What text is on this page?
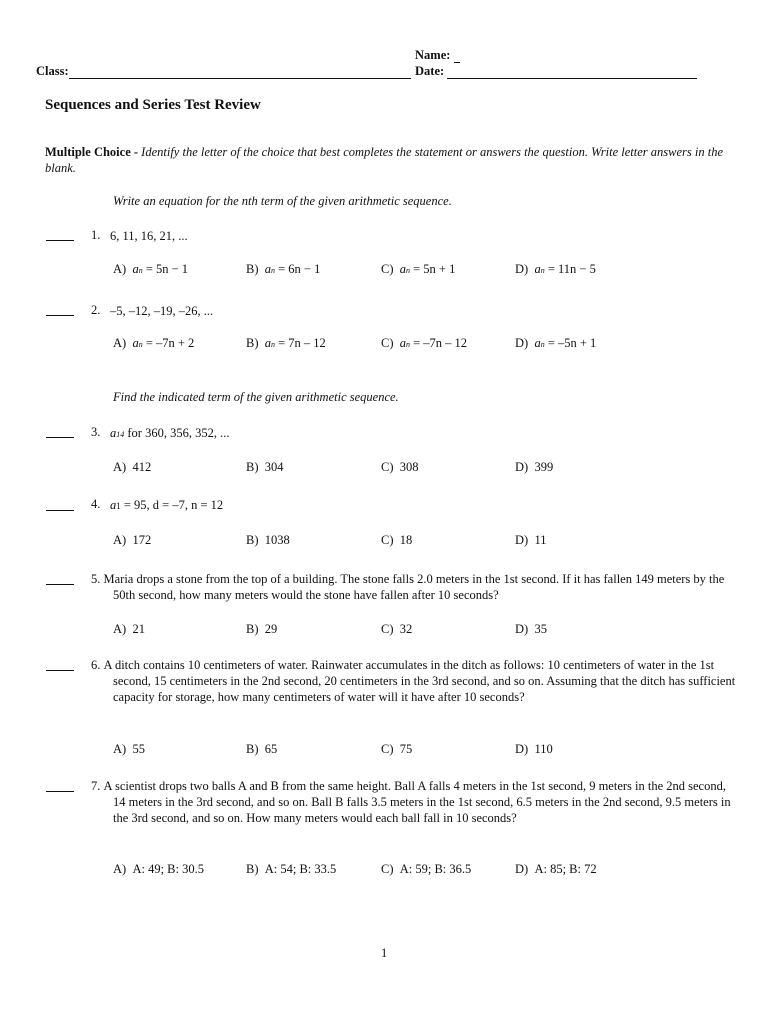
Name:
Class:	Date:
Sequences and Series Test Review
Multiple Choice - Identify the letter of the choice that best completes the statement or answers the question. Write letter answers in the blank.
Write an equation for the nth term of the given arithmetic sequence.
1. 6, 11, 16, 21, ...
A) an = 5n − 1	B) an = 6n − 1	C) an = 5n + 1	D) an = 11n − 5
2. –5, –12, –19, –26, ...
A) an = –7n + 2	B) an = 7n – 12	C) an = –7n – 12	D) an = –5n + 1
Find the indicated term of the given arithmetic sequence.
3. a14 for 360, 356, 352, ...
A) 412	B) 304	C) 308	D) 399
4. a1 = 95, d = –7, n = 12
A) 172	B) 1038	C) 18	D) 11
5. Maria drops a stone from the top of a building. The stone falls 2.0 meters in the 1st second. If it has fallen 149 meters by the 50th second, how many meters would the stone have fallen after 10 seconds?
A) 21	B) 29	C) 32	D) 35
6. A ditch contains 10 centimeters of water. Rainwater accumulates in the ditch as follows: 10 centimeters of water in the 1st second, 15 centimeters in the 2nd second, 20 centimeters in the 3rd second, and so on. Assuming that the ditch has sufficient capacity for storage, how many centimeters of water will it have after 10 seconds?
A) 55	B) 65	C) 75	D) 110
7. A scientist drops two balls A and B from the same height. Ball A falls 4 meters in the 1st second, 9 meters in the 2nd second, 14 meters in the 3rd second, and so on. Ball B falls 3.5 meters in the 1st second, 6.5 meters in the 2nd second, 9.5 meters in the 3rd second, and so on. How many meters would each ball fall in 10 seconds?
A) A: 49; B: 30.5	B) A: 54; B: 33.5	C) A: 59; B: 36.5	D) A: 85; B: 72
1
